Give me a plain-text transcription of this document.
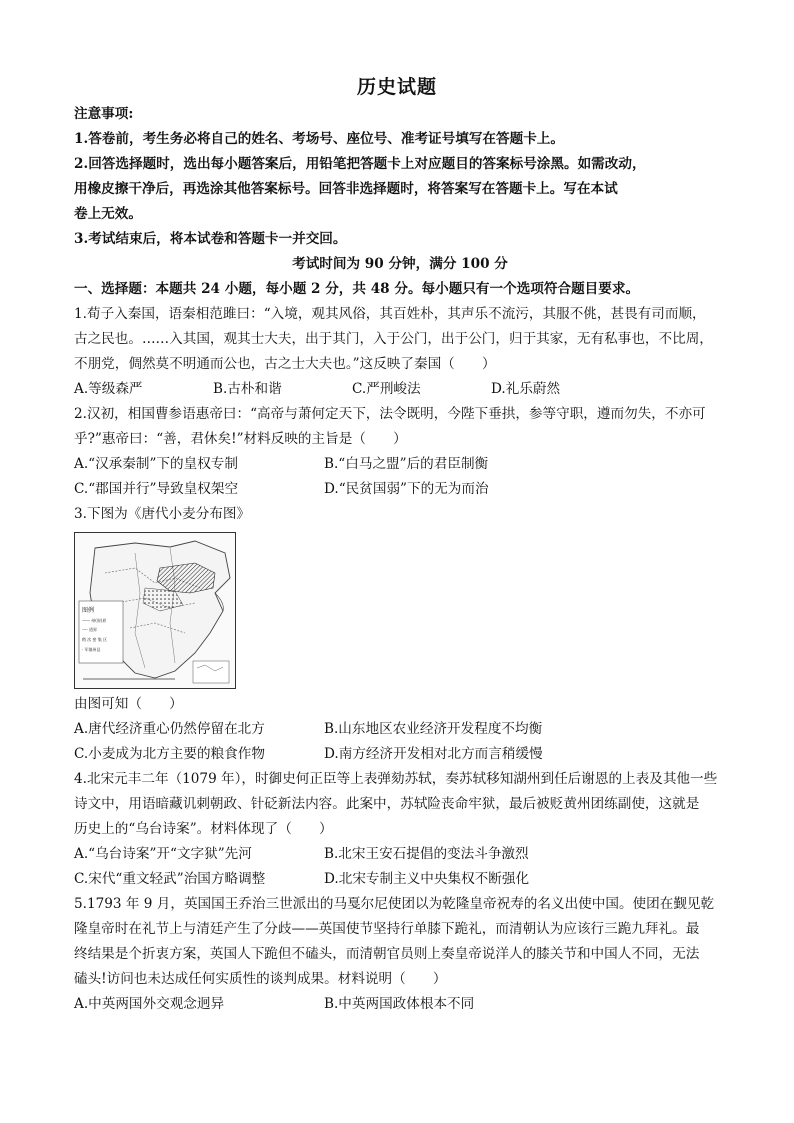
历史试题
注意事项:
1.答卷前，考生务必将自己的姓名、考场号、座位号、准考证号填写在答题卡上。
2.回答选择题时，选出每小题答案后，用铅笔把答题卡上对应题目的答案标号涂黑。如需改动，
用橡皮擦干净后，再选涂其他答案标号。回答非选择题时，将答案写在答题卡上。写在本试
卷上无效。
3.考试结束后，将本试卷和答题卡一并交回。
考试时间为 90 分钟，满分 100 分
一、选择题：本题共 24 小题，每小题 2 分，共 48 分。每小题只有一个选项符合题目要求。
1.荀子入秦国，语秦相范雎曰：“入境，观其风俗，其百姓朴，其声乐不流污，其服不佻，甚畏有司而顺，
古之民也。……入其国，观其士大夫，出于其门，入于公门，出于公门，归于其家，无有私事也，不比周，
不朋党，倜然莫不明通而公也，古之士大夫也。”这反映了秦国（　　）
A.等级森严	B.古朴和谐	C.严刑峻法	D.礼乐蔚然
2.汉初，相国曹参语惠帝曰：“高帝与萧何定天下，法令既明，今陛下垂拱，参等守职，遵而勿失，不亦可
乎?”惠帝曰：“善，君休矣!”材料反映的主旨是（　　）
A.“汉承秦制”下的皇权专制	B.“白马之盟”后的君臣制衡
C.“郡国并行”导致皇权架空	D.“民贫国弱”下的无为而治
3.下图为《唐代小麦分布图》
图例
—— 州(府)界
---- 道界
稍 次 密 集 区
· 军镇州县
由图可知（　　）
A.唐代经济重心仍然停留在北方	B.山东地区农业经济开发程度不均衡
C.小麦成为北方主要的粮食作物	D.南方经济开发相对北方而言稍缓慢
4.北宋元丰二年（1079 年），时御史何正臣等上表弹劾苏轼，奏苏轼移知湖州到任后谢恩的上表及其他一些
诗文中，用语暗藏讥刺朝政、针砭新法内容。此案中，苏轼险丧命牢狱，最后被贬黄州团练副使，这就是
历史上的“乌台诗案”。材料体现了（　　）
A.“乌台诗案”开“文字狱”先河	B.北宋王安石提倡的变法斗争激烈
C.宋代“重文轻武”治国方略调整	D.北宋专制主义中央集权不断强化
5.1793 年 9 月，英国国王乔治三世派出的马戛尔尼使团以为乾隆皇帝祝寿的名义出使中国。使团在觐见乾
隆皇帝时在礼节上与清廷产生了分歧——英国使节坚持行单膝下跪礼，而清朝认为应该行三跪九拜礼。最
终结果是个折衷方案，英国人下跪但不磕头，而清朝官员则上奏皇帝说洋人的膝关节和中国人不同，无法
磕头!访问也未达成任何实质性的谈判成果。材料说明（　　）
A.中英两国外交观念迥异	B.中英两国政体根本不同
